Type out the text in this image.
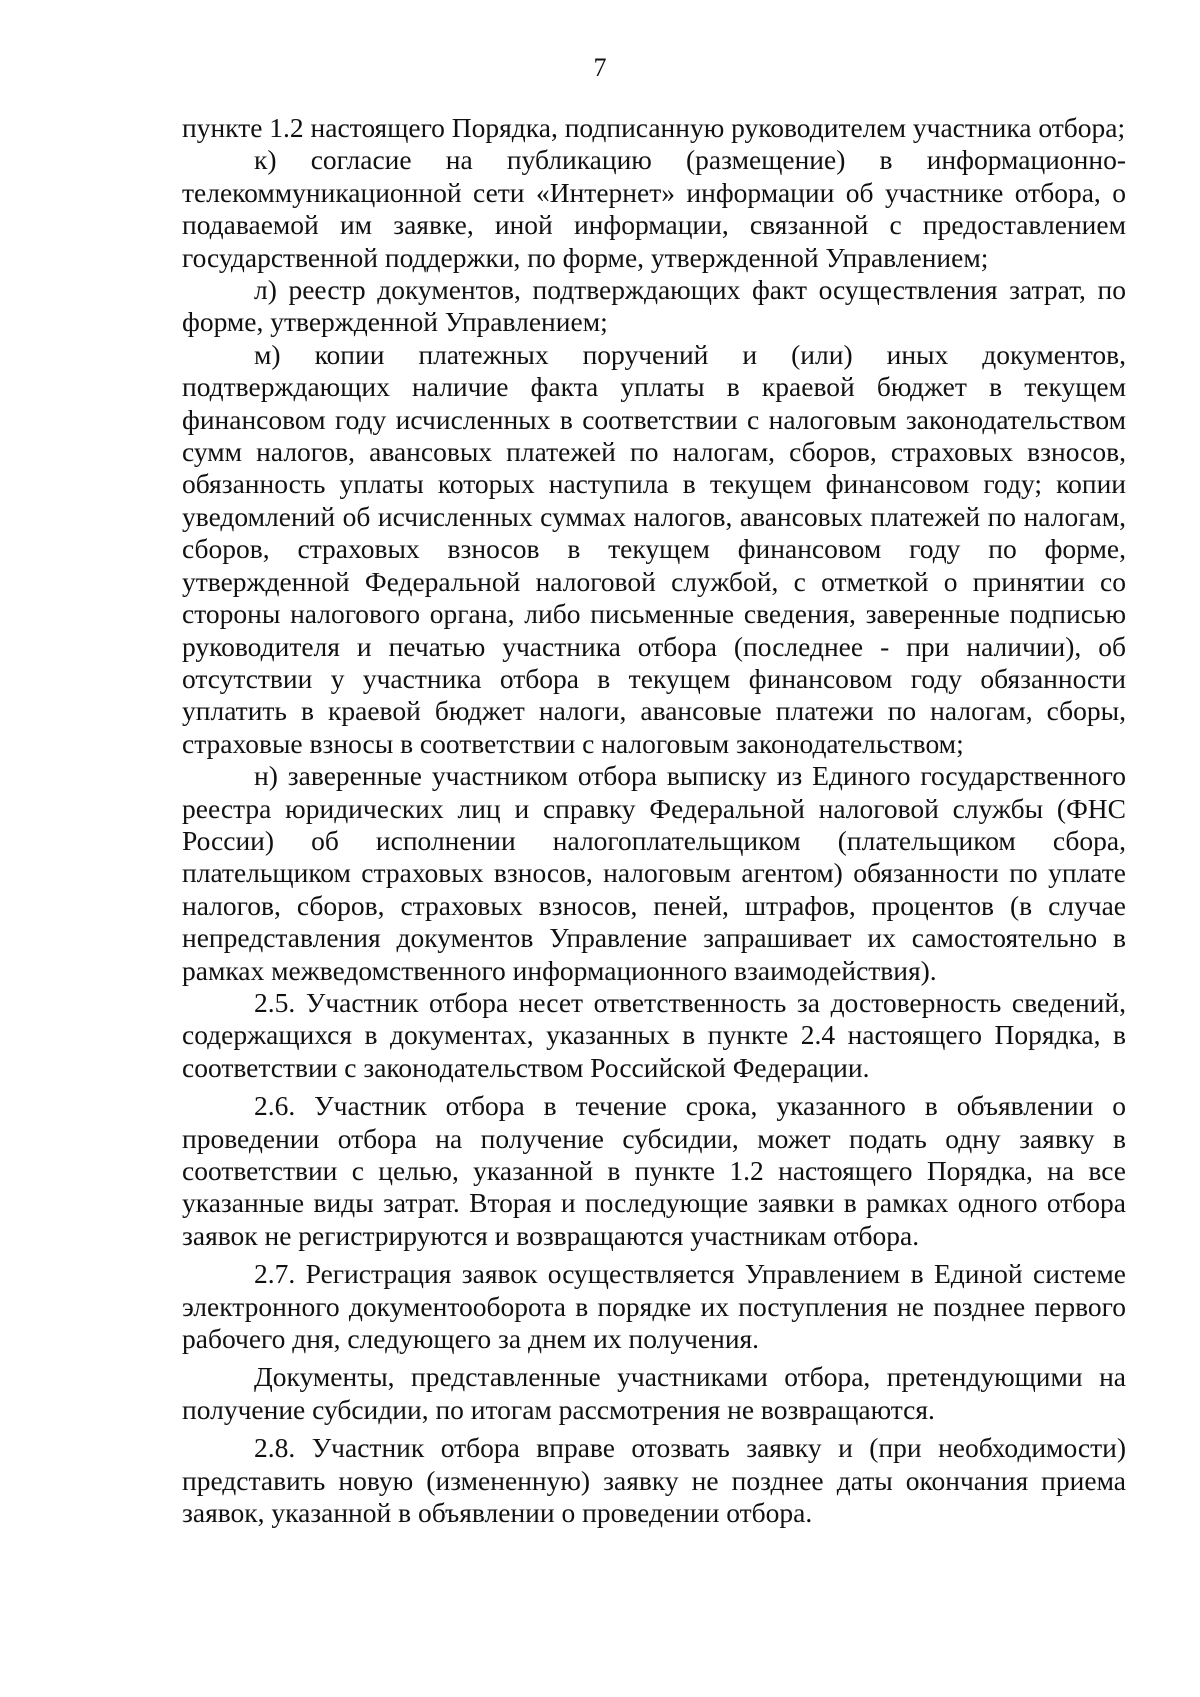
7

пункте 1.2 настоящего Порядка, подписанную руководителем участника отбора;

к) согласие на публикацию (размещение) в информационно-телекоммуникационной сети «Интернет» информации об участнике отбора, о подаваемой им заявке, иной информации, связанной с предоставлением государственной поддержки, по форме, утвержденной Управлением;

л) реестр документов, подтверждающих факт осуществления затрат, по форме, утвержденной Управлением;

м) копии платежных поручений и (или) иных документов, подтверждающих наличие факта уплаты в краевой бюджет в текущем финансовом году исчисленных в соответствии с налоговым законодательством сумм налогов, авансовых платежей по налогам, сборов, страховых взносов, обязанность уплаты которых наступила в текущем финансовом году; копии уведомлений об исчисленных суммах налогов, авансовых платежей по налогам, сборов, страховых взносов в текущем финансовом году по форме, утвержденной Федеральной налоговой службой, с отметкой о принятии со стороны налогового органа, либо письменные сведения, заверенные подписью руководителя и печатью участника отбора (последнее - при наличии), об отсутствии у участника отбора в текущем финансовом году обязанности уплатить в краевой бюджет налоги, авансовые платежи по налогам, сборы, страховые взносы в соответствии с налоговым законодательством;

н) заверенные участником отбора выписку из Единого государственного реестра юридических лиц и справку Федеральной налоговой службы (ФНС России) об исполнении налогоплательщиком (плательщиком сбора, плательщиком страховых взносов, налоговым агентом) обязанности по уплате налогов, сборов, страховых взносов, пеней, штрафов, процентов (в случае непредставления документов Управление запрашивает их самостоятельно в рамках межведомственного информационного взаимодействия).

2.5. Участник отбора несет ответственность за достоверность сведений, содержащихся в документах, указанных в пункте 2.4 настоящего Порядка, в соответствии с законодательством Российской Федерации.

2.6. Участник отбора в течение срока, указанного в объявлении о проведении отбора на получение субсидии, может подать одну заявку в соответствии с целью, указанной в пункте 1.2 настоящего Порядка, на все указанные виды затрат. Вторая и последующие заявки в рамках одного отбора заявок не регистрируются и возвращаются участникам отбора.

2.7. Регистрация заявок осуществляется Управлением в Единой системе электронного документооборота в порядке их поступления не позднее первого рабочего дня, следующего за днем их получения.

Документы, представленные участниками отбора, претендующими на получение субсидии, по итогам рассмотрения не возвращаются.

2.8. Участник отбора вправе отозвать заявку и (при необходимости) представить новую (измененную) заявку не позднее даты окончания приема заявок, указанной в объявлении о проведении отбора.
